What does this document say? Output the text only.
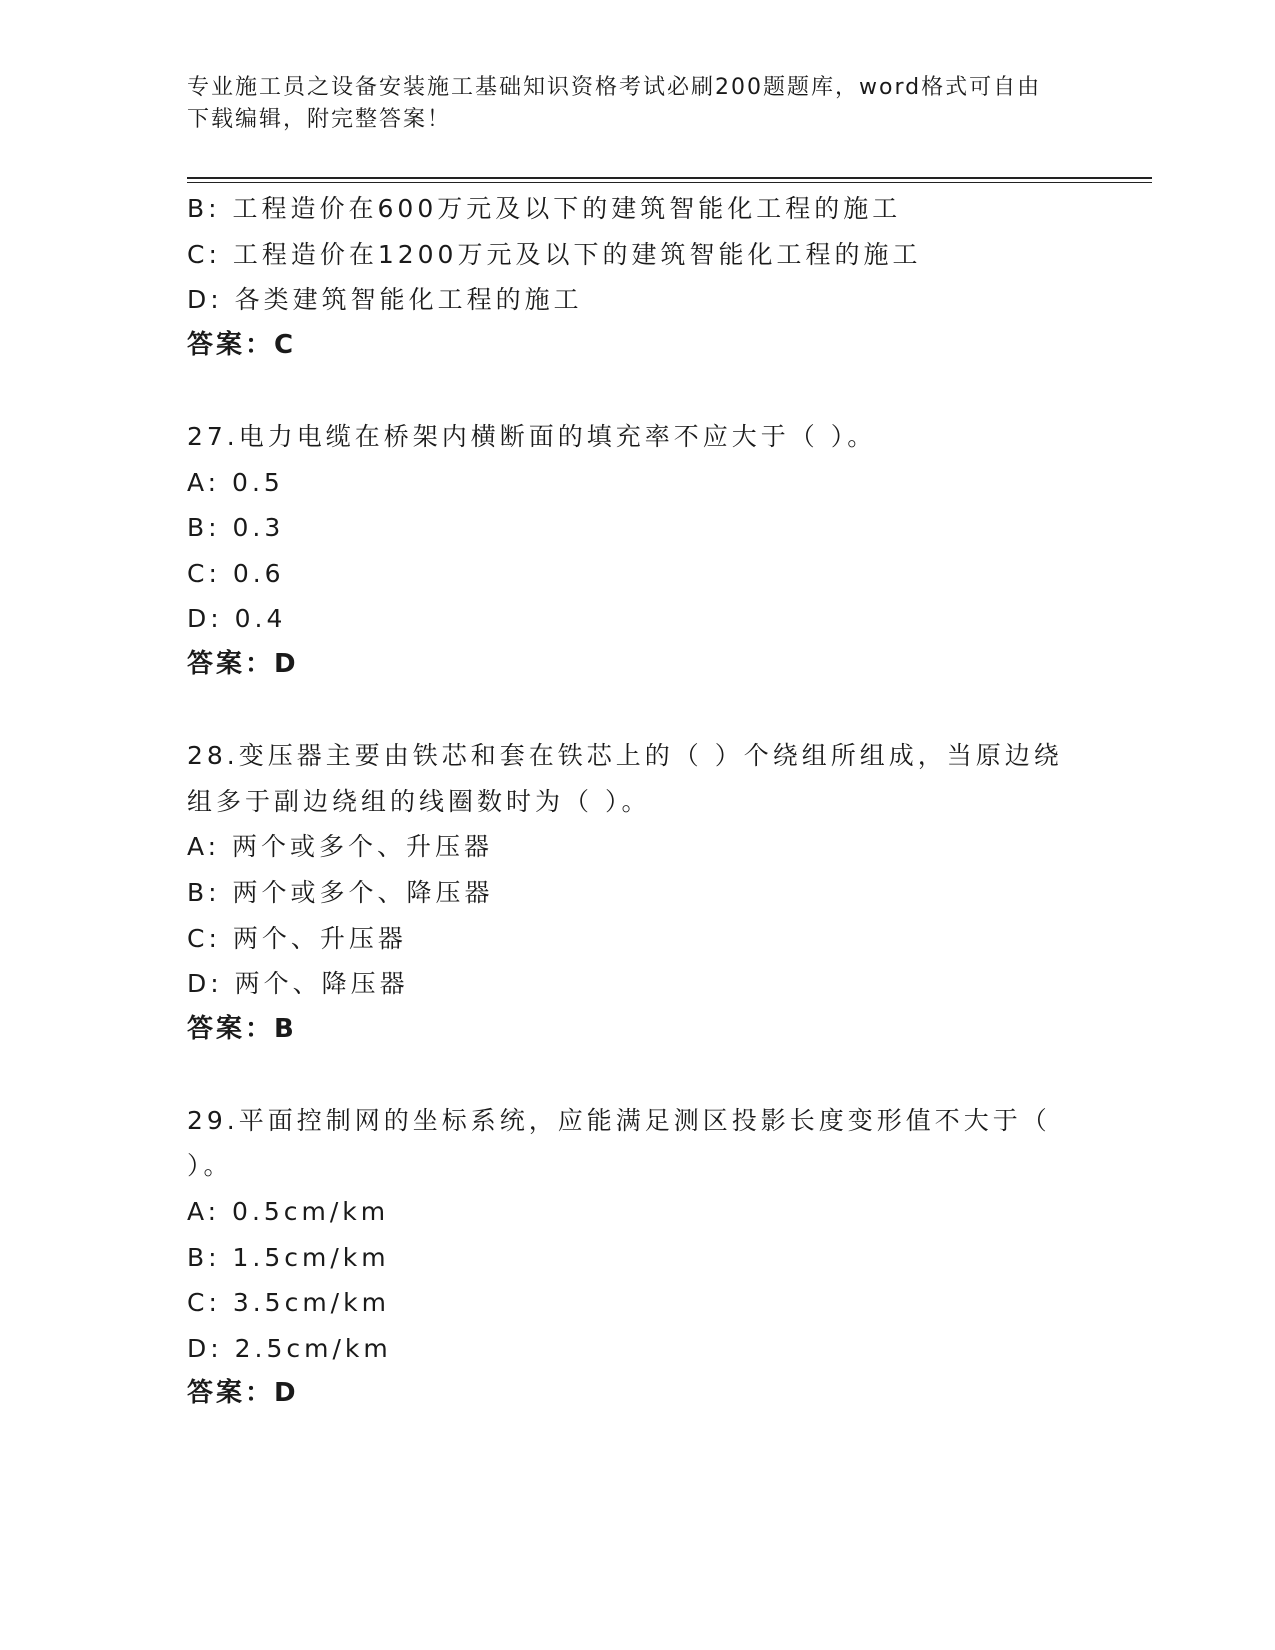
专业施工员之设备安装施工基础知识资格考试必刷200题题库，word格式可自由
下载编辑，附完整答案！
B: 工程造价在600万元及以下的建筑智能化工程的施工
C: 工程造价在1200万元及以下的建筑智能化工程的施工
D: 各类建筑智能化工程的施工
答案：C
27.电力电缆在桥架内横断面的填充率不应大于（ ）。
A: 0.5
B: 0.3
C: 0.6
D: 0.4
答案：D
28.变压器主要由铁芯和套在铁芯上的（ ）个绕组所组成，当原边绕
组多于副边绕组的线圈数时为（ ）。
A: 两个或多个、升压器
B: 两个或多个、降压器
C: 两个、升压器
D: 两个、降压器
答案：B
29.平面控制网的坐标系统，应能满足测区投影长度变形值不大于（
）。
A: 0.5cm/km
B: 1.5cm/km
C: 3.5cm/km
D: 2.5cm/km
答案：D
